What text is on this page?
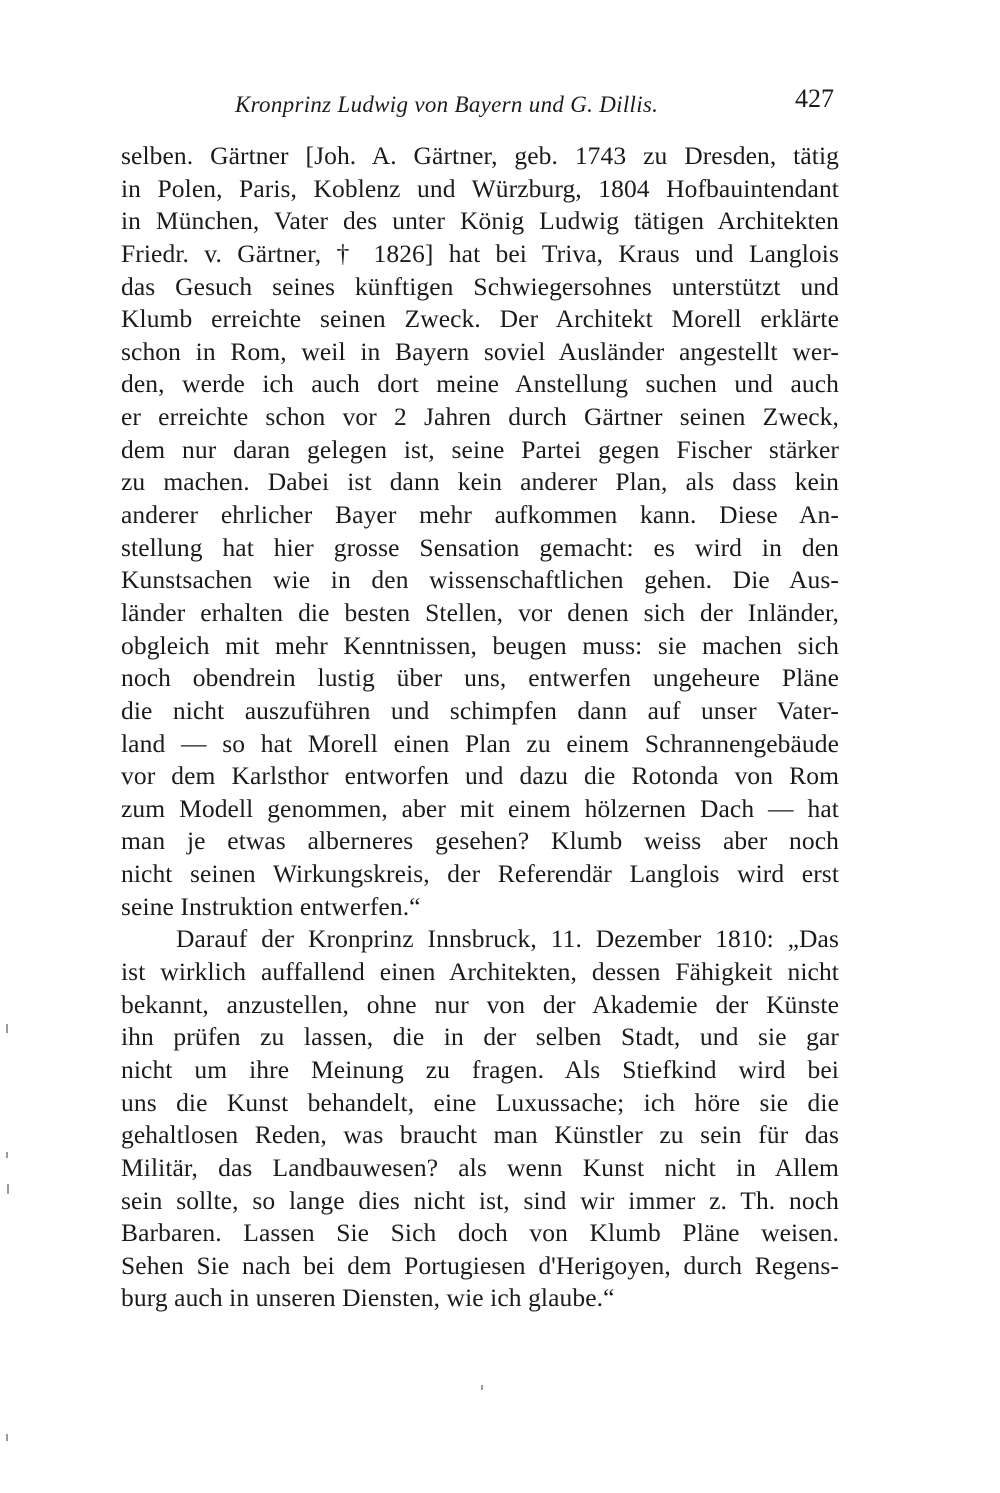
Kronprinz Ludwig von Bayern und G. Dillis.	427
selben. Gärtner [Joh. A. Gärtner, geb. 1743 zu Dresden, tätig
in Polen, Paris, Koblenz und Würzburg, 1804 Hofbauintendant
in München, Vater des unter König Ludwig tätigen Architekten
Friedr. v. Gärtner, † 1826] hat bei Triva, Kraus und Langlois
das Gesuch seines künftigen Schwiegersohnes unterstützt und
Klumb erreichte seinen Zweck. Der Architekt Morell erklärte
schon in Rom, weil in Bayern soviel Ausländer angestellt wer-
den, werde ich auch dort meine Anstellung suchen und auch
er erreichte schon vor 2 Jahren durch Gärtner seinen Zweck,
dem nur daran gelegen ist, seine Partei gegen Fischer stärker
zu machen. Dabei ist dann kein anderer Plan, als dass kein
anderer ehrlicher Bayer mehr aufkommen kann. Diese An-
stellung hat hier grosse Sensation gemacht: es wird in den
Kunstsachen wie in den wissenschaftlichen gehen. Die Aus-
länder erhalten die besten Stellen, vor denen sich der Inländer,
obgleich mit mehr Kenntnissen, beugen muss: sie machen sich
noch obendrein lustig über uns, entwerfen ungeheure Pläne
die nicht auszuführen und schimpfen dann auf unser Vater-
land — so hat Morell einen Plan zu einem Schrannengebäude
vor dem Karlsthor entworfen und dazu die Rotonda von Rom
zum Modell genommen, aber mit einem hölzernen Dach — hat
man je etwas alberneres gesehen? Klumb weiss aber noch
nicht seinen Wirkungskreis, der Referendär Langlois wird erst
seine Instruktion entwerfen.“
Darauf der Kronprinz Innsbruck, 11. Dezember 1810: „Das
ist wirklich auffallend einen Architekten, dessen Fähigkeit nicht
bekannt, anzustellen, ohne nur von der Akademie der Künste
ihn prüfen zu lassen, die in der selben Stadt, und sie gar
nicht um ihre Meinung zu fragen. Als Stiefkind wird bei
uns die Kunst behandelt, eine Luxussache; ich höre sie die
gehaltlosen Reden, was braucht man Künstler zu sein für das
Militär, das Landbauwesen? als wenn Kunst nicht in Allem
sein sollte, so lange dies nicht ist, sind wir immer z. Th. noch
Barbaren. Lassen Sie Sich doch von Klumb Pläne weisen.
Sehen Sie nach bei dem Portugiesen d'Herigoyen, durch Regens-
burg auch in unseren Diensten, wie ich glaube.“
